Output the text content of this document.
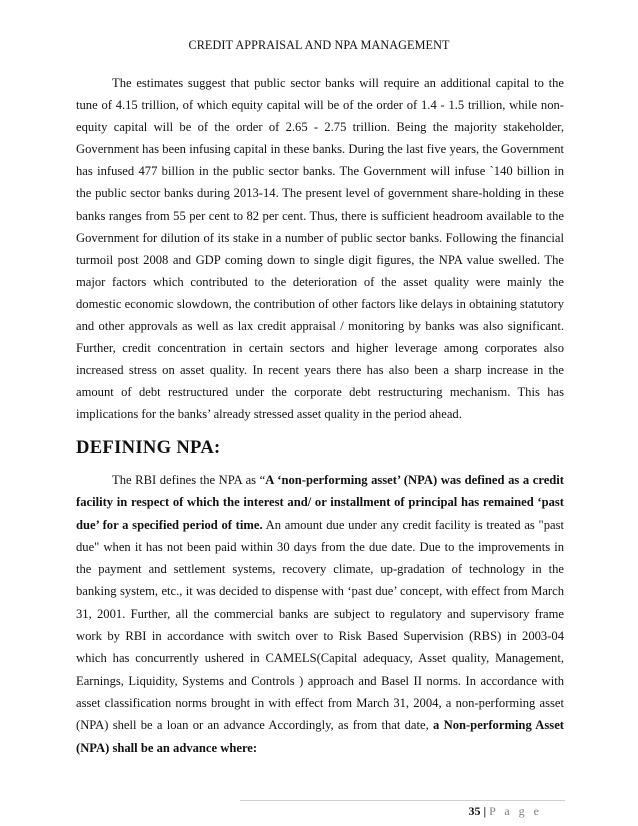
CREDIT APPRAISAL AND NPA MANAGEMENT

The estimates suggest that public sector banks will require an additional capital to the tune of 4.15 trillion, of which equity capital will be of the order of 1.4 - 1.5 trillion, while non-equity capital will be of the order of 2.65 - 2.75 trillion. Being the majority stakeholder, Government has been infusing capital in these banks. During the last five years, the Government has infused 477 billion in the public sector banks. The Government will infuse `140 billion in the public sector banks during 2013-14. The present level of government share-holding in these banks ranges from 55 per cent to 82 per cent. Thus, there is sufficient headroom available to the Government for dilution of its stake in a number of public sector banks. Following the financial turmoil post 2008 and GDP coming down to single digit figures, the NPA value swelled. The major factors which contributed to the deterioration of the asset quality were mainly the domestic economic slowdown, the contribution of other factors like delays in obtaining statutory and other approvals as well as lax credit appraisal / monitoring by banks was also significant. Further, credit concentration in certain sectors and higher leverage among corporates also increased stress on asset quality. In recent years there has also been a sharp increase in the amount of debt restructured under the corporate debt restructuring mechanism. This has implications for the banks’ already stressed asset quality in the period ahead.

DEFINING NPA:

The RBI defines the NPA as “A ‘non-performing asset’ (NPA) was defined as a credit facility in respect of which the interest and/ or installment of principal has remained ‘past due’ for a specified period of time. An amount due under any credit facility is treated as "past due" when it has not been paid within 30 days from the due date. Due to the improvements in the payment and settlement systems, recovery climate, up-gradation of technology in the banking system, etc., it was decided to dispense with ‘past due’ concept, with effect from March 31, 2001. Further, all the commercial banks are subject to regulatory and supervisory frame work by RBI in accordance with switch over to Risk Based Supervision (RBS) in 2003-04 which has concurrently ushered in CAMELS(Capital adequacy, Asset quality, Management, Earnings, Liquidity, Systems and Controls ) approach and Basel II norms. In accordance with asset classification norms brought in with effect from March 31, 2004, a non-performing asset (NPA) shell be a loan or an advance Accordingly, as from that date, a Non-performing Asset (NPA) shall be an advance where:

35 | P a g e
